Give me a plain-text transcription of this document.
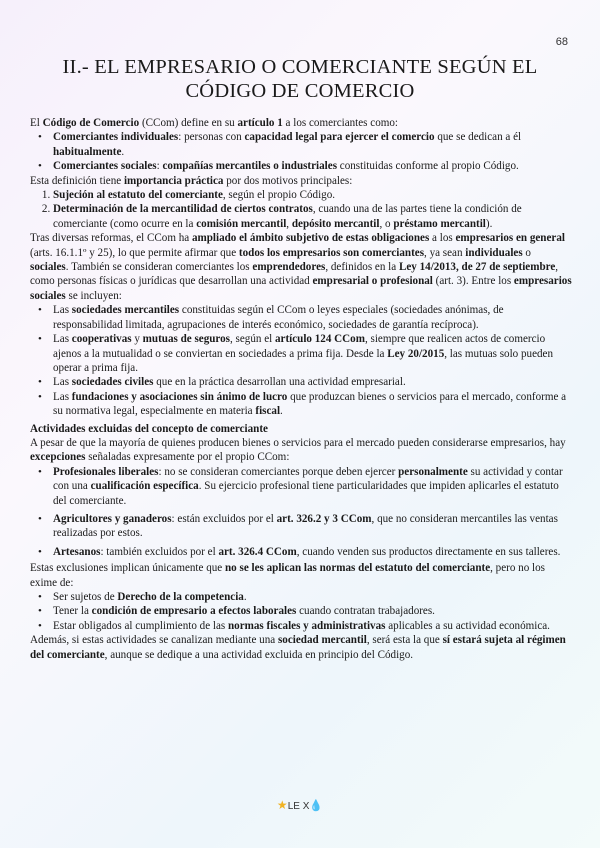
68
II.- EL EMPRESARIO O COMERCIANTE SEGÚN EL CÓDIGO DE COMERCIO

El Código de Comercio (CCom) define en su artículo 1 a los comerciantes como:

• Comerciantes individuales: personas con capacidad legal para ejercer el comercio que se dedican a él habitualmente.
• Comerciantes sociales: compañías mercantiles o industriales constituidas conforme al propio Código.

Esta definición tiene importancia práctica por dos motivos principales:

1. Sujeción al estatuto del comerciante, según el propio Código.
2. Determinación de la mercantilidad de ciertos contratos, cuando una de las partes tiene la condición de comerciante (como ocurre en la comisión mercantil, depósito mercantil, o préstamo mercantil).

Tras diversas reformas, el CCom ha ampliado el ámbito subjetivo de estas obligaciones a los empresarios en general (arts. 16.1.1º y 25), lo que permite afirmar que todos los empresarios son comerciantes, ya sean individuales o sociales. También se consideran comerciantes los emprendedores, definidos en la Ley 14/2013, de 27 de septiembre, como personas físicas o jurídicas que desarrollan una actividad empresarial o profesional (art. 3). Entre los empresarios sociales se incluyen:

• Las sociedades mercantiles constituidas según el CCom o leyes especiales (sociedades anónimas, de responsabilidad limitada, agrupaciones de interés económico, sociedades de garantía recíproca).
• Las cooperativas y mutuas de seguros, según el artículo 124 CCom, siempre que realicen actos de comercio ajenos a la mutualidad o se conviertan en sociedades a prima fija. Desde la Ley 20/2015, las mutuas solo pueden operar a prima fija.
• Las sociedades civiles que en la práctica desarrollan una actividad empresarial.
• Las fundaciones y asociaciones sin ánimo de lucro que produzcan bienes o servicios para el mercado, conforme a su normativa legal, especialmente en materia fiscal.

Actividades excluidas del concepto de comerciante

A pesar de que la mayoría de quienes producen bienes o servicios para el mercado pueden considerarse empresarios, hay excepciones señaladas expresamente por el propio CCom:

• Profesionales liberales: no se consideran comerciantes porque deben ejercer personalmente su actividad y contar con una cualificación específica. Su ejercicio profesional tiene particularidades que impiden aplicarles el estatuto del comerciante.
• Agricultores y ganaderos: están excluidos por el art. 326.2 y 3 CCom, que no consideran mercantiles las ventas realizadas por estos.
• Artesanos: también excluidos por el art. 326.4 CCom, cuando venden sus productos directamente en sus talleres.

Estas exclusiones implican únicamente que no se les aplican las normas del estatuto del comerciante, pero no los exime de:

• Ser sujetos de Derecho de la competencia.
• Tener la condición de empresario a efectos laborales cuando contratan trabajadores.
• Estar obligados al cumplimiento de las normas fiscales y administrativas aplicables a su actividad económica.

Además, si estas actividades se canalizan mediante una sociedad mercantil, será esta la que sí estará sujeta al régimen del comerciante, aunque se dedique a una actividad excluida en principio del Código.

★LE X💧
